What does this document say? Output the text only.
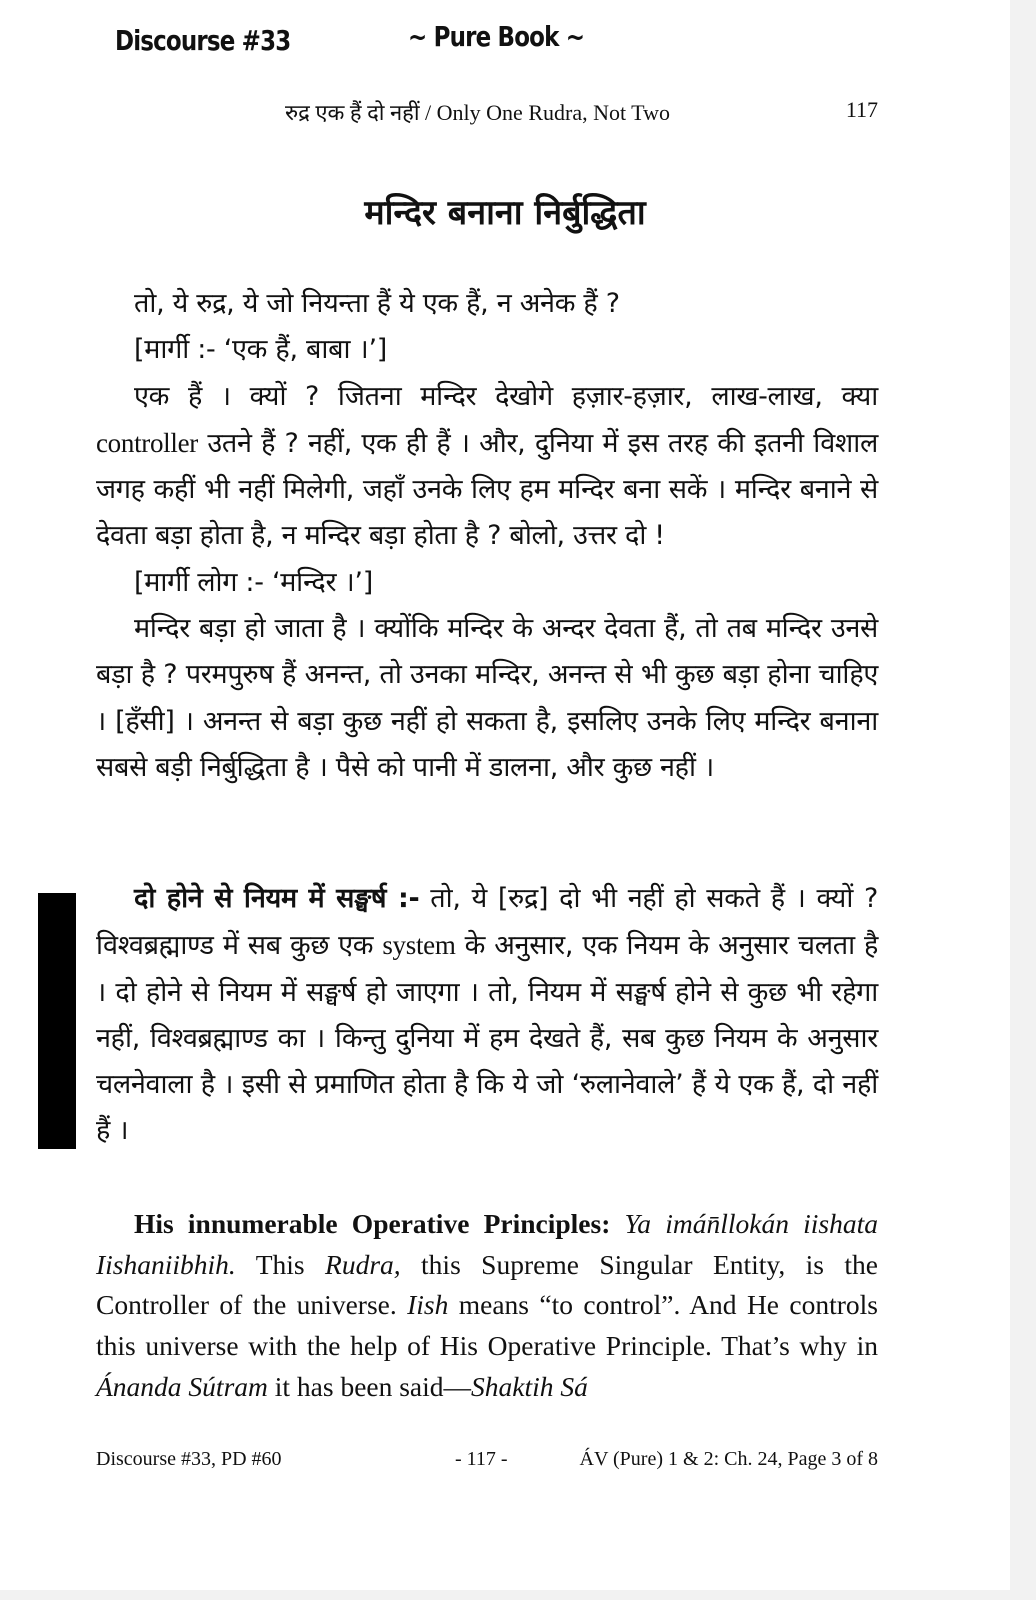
Discourse #33	~ Pure Book ~
रुद्र एक हैं दो नहीं / Only One Rudra, Not Two	117
मन्दिर बनाना निर्बुद्धिता

तो, ये रुद्र, ये जो नियन्ता हैं ये एक हैं, न अनेक हैं ?

[मार्गी :- ‘एक हैं, बाबा ।’]

एक हैं । क्यों ? जितना मन्दिर देखोगे हज़ार-हज़ार, लाख-लाख, क्या controller उतने हैं ? नहीं, एक ही हैं । और, दुनिया में इस तरह की इतनी विशाल जगह कहीं भी नहीं मिलेगी, जहाँ उनके लिए हम मन्दिर बना सकें । मन्दिर बनाने से देवता बड़ा होता है, न मन्दिर बड़ा होता है ? बोलो, उत्तर दो !

[मार्गी लोग :- ‘मन्दिर ।’]

मन्दिर बड़ा हो जाता है । क्योंकि मन्दिर के अन्दर देवता हैं, तो तब मन्दिर उनसे बड़ा है ? परमपुरुष हैं अनन्त, तो उनका मन्दिर, अनन्त से भी कुछ बड़ा होना चाहिए । [हँसी] । अनन्त से बड़ा कुछ नहीं हो सकता है, इसलिए उनके लिए मन्दिर बनाना सबसे बड़ी निर्बुद्धिता है । पैसे को पानी में डालना, और कुछ नहीं ।

दो होने से नियम में सङ्घर्ष :- तो, ये [रुद्र] दो भी नहीं हो सकते हैं । क्यों ? विश्वब्रह्माण्ड में सब कुछ एक system के अनुसार, एक नियम के अनुसार चलता है । दो होने से नियम में सङ्घर्ष हो जाएगा । तो, नियम में सङ्घर्ष होने से कुछ भी रहेगा नहीं, विश्वब्रह्माण्ड का । किन्तु दुनिया में हम देखते हैं, सब कुछ नियम के अनुसार चलनेवाला है । इसी से प्रमाणित होता है कि ये जो ‘रुलानेवाले’ हैं ये एक हैं, दो नहीं हैं ।

His innumerable Operative Principles: Ya imán̄llokán iishata Iishaniibhih. This Rudra, this Supreme Singular Entity, is the Controller of the universe. Iish means “to control”. And He controls this universe with the help of His Operative Principle. That’s why in Ánanda Sútram it has been said—Shaktih Sá

Discourse #33, PD #60	- 117 -	ÁV (Pure) 1 & 2: Ch. 24, Page 3 of 8
